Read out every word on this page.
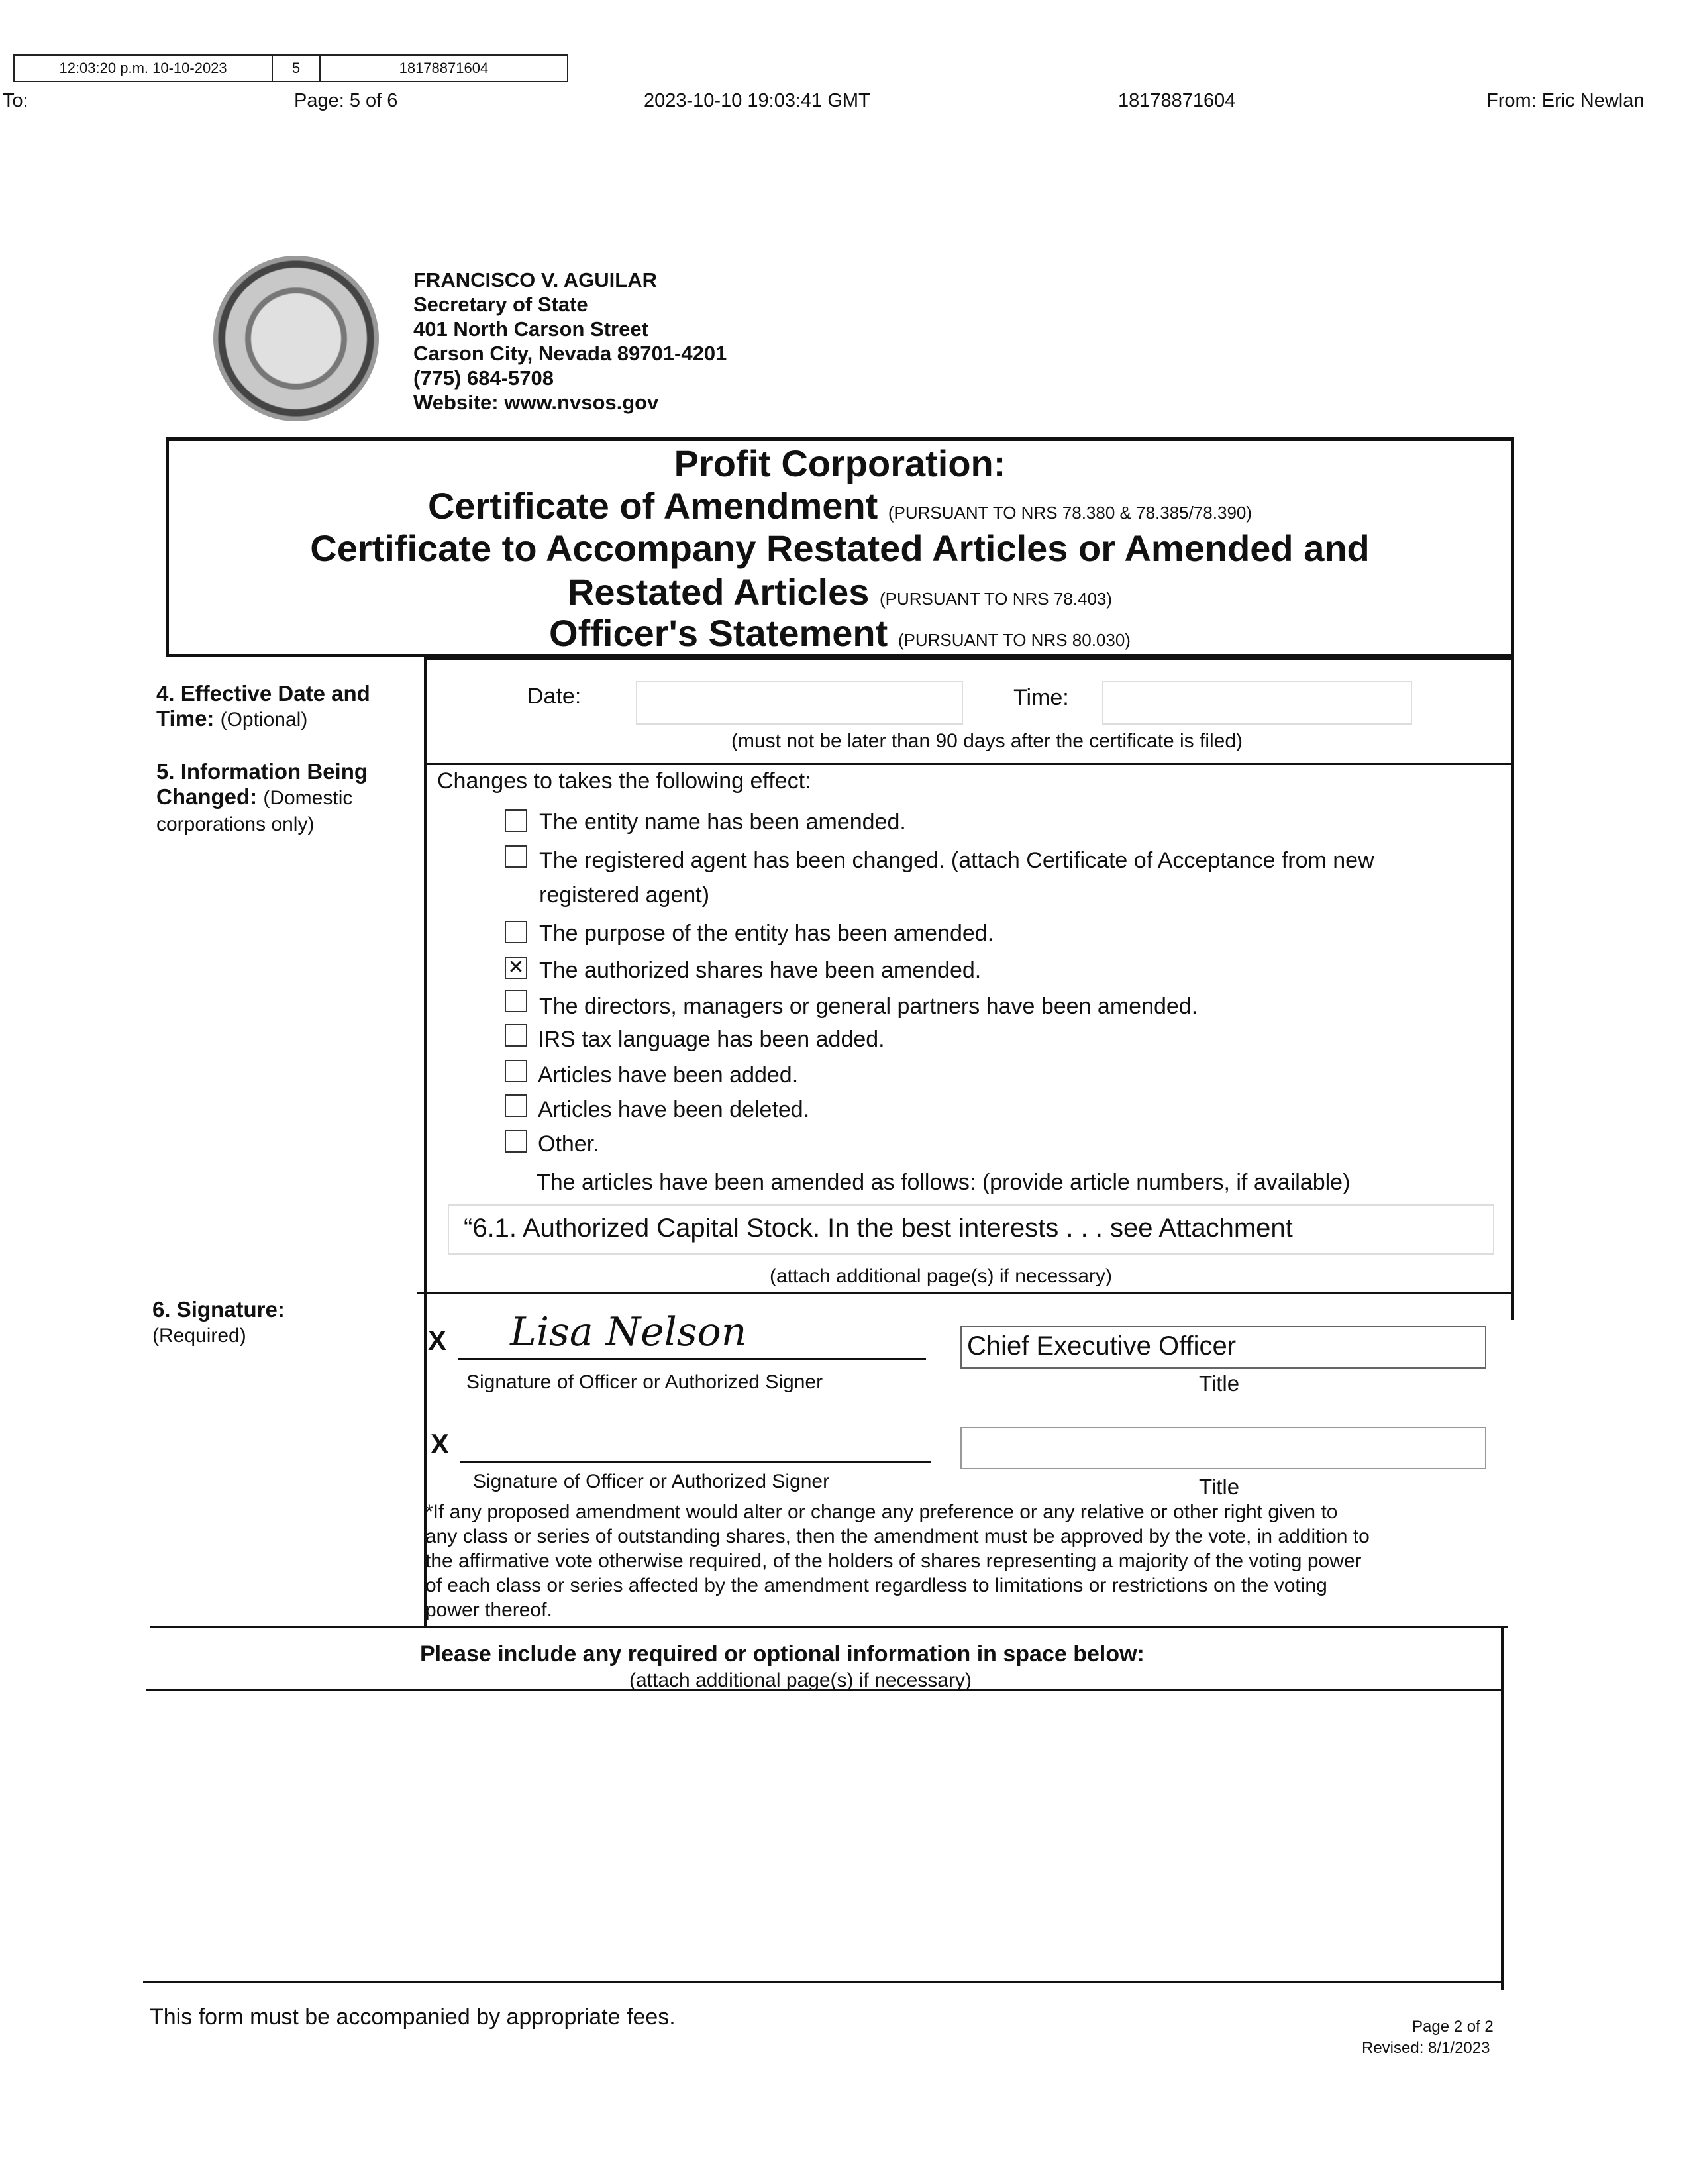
12:03:20 p.m. 10-10-2023	5	18178871604
To:	Page: 5 of 6	2023-10-10 19:03:41 GMT	18178871604	From: Eric Newlan
FRANCISCO V. AGUILAR
Secretary of State
401 North Carson Street
Carson City, Nevada 89701-4201
(775) 684-5708
Website: www.nvsos.gov
Profit Corporation:
Certificate of Amendment (PURSUANT TO NRS 78.380 & 78.385/78.390)
Certificate to Accompany Restated Articles or Amended and
Restated Articles (PURSUANT TO NRS 78.403)
Officer's Statement (PURSUANT TO NRS 80.030)
4. Effective Date and
Time: (Optional)
Date:	Time:
(must not be later than 90 days after the certificate is filed)
5. Information Being
Changed: (Domestic
corporations only)
Changes to takes the following effect:
The entity name has been amended.
The registered agent has been changed. (attach Certificate of Acceptance from new
registered agent)
The purpose of the entity has been amended.
✕ The authorized shares have been amended.
The directors, managers or general partners have been amended.
IRS tax language has been added.
Articles have been added.
Articles have been deleted.
Other.
The articles have been amended as follows: (provide article numbers, if available)
“6.1. Authorized Capital Stock. In the best interests . . . see Attachment
(attach additional page(s) if necessary)
6. Signature:
(Required)	X Lisa Nelson
Signature of Officer or Authorized Signer
Chief Executive Officer
Title
X
Signature of Officer or Authorized Signer	Title
*If any proposed amendment would alter or change any preference or any relative or other right given to
any class or series of outstanding shares, then the amendment must be approved by the vote, in addition to
the affirmative vote otherwise required, of the holders of shares representing a majority of the voting power
of each class or series affected by the amendment regardless to limitations or restrictions on the voting
power thereof.
Please include any required or optional information in space below:
(attach additional page(s) if necessary)
This form must be accompanied by appropriate fees.	Page 2 of 2
Revised: 8/1/2023
